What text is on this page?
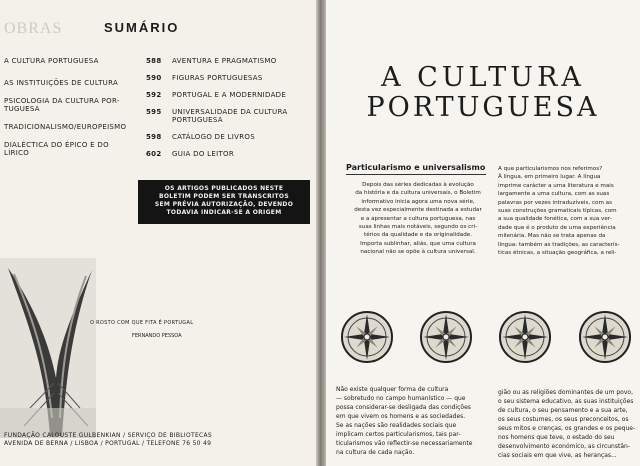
OBRAS	SUMÁRIO
A CULTURA PORTUGUESA
AS INSTITUIÇÕES DE CULTURA
PSICOLOGIA DA CULTURA POR-
TUGUESA
TRADICIONALISMO/EUROPEISMO
DIALÉCTICA DO ÉPICO E DO
LÍRICO
588	AVENTURA E PRAGMATISMO
590	FIGURAS PORTUGUESAS
592	PORTUGAL E A MODERNIDADE
595	UNIVERSALIDADE DA CULTURA
PORTUGUESA
598	CATÁLOGO DE LIVROS
602	GUIA DO LEITOR
OS ARTIGOS PUBLICADOS NESTE
BOLETIM PODEM SER TRANSCRITOS
SEM PRÉVIA AUTORIZAÇÃO, DEVENDO
TODAVIA INDICAR-SE A ORIGEM
O ROSTO COM QUE FITA É PORTUGAL
FERNANDO PESSOA
FUNDAÇÃO CALOUSTE GULBENKIAN / SERVIÇO DE BIBLIOTECAS
AVENIDA DE BERNA / LISBOA / PORTUGAL / TELEFONE 76 50 49
A CULTURA
PORTUGUESA
Particularismo e universalismo
Depois das séries dedicadas à evolução
da história e da cultura universais, o Boletim
informativo inicia agora uma nova série,
desta vez especialmente destinada a estudar
e a apresentar a cultura portuguesa, nas
suas linhas mais notáveis, segundo os cri-
térios da qualidade e da originalidade.
Importa sublinhar, aliás, que uma cultura
nacional não se opõe à cultura universal.
A que particularismos nos referimos?
À língua, em primeiro lugar. A língua
imprime carácter a uma literatura e mais
largamente a uma cultura, com as suas
palavras por vezes intraduzíveis, com as
suas construções gramaticais típicas, com
a sua qualidade fonética, com a sua ver-
dade que é o produto de uma experiência
milenária. Mas não se trata apenas da
língua: também as tradições, as caracterís-
ticas étnicas, a situação geográfica, a reli-
Não existe qualquer forma de cultura
— sobretudo no campo humanístico — que
possa considerar-se desligada das condições
em que vivem os homens e as sociedades.
Se as nações são realidades sociais que
implicam certos particularismos, tais par-
ticularismos vão reflectir-se necessariamente
na cultura de cada nação.
gião ou as religiões dominantes de um povo,
o seu sistema educativo, as suas instituições
de cultura, o seu pensamento e a sua arte,
os seus costumes, os seus preconceitos, os
seus mitos e crenças, os grandes e os peque-
nos homens que teve, o estado do seu
desenvolvimento económico, as circunstân-
cias sociais em que vive, as heranças...
